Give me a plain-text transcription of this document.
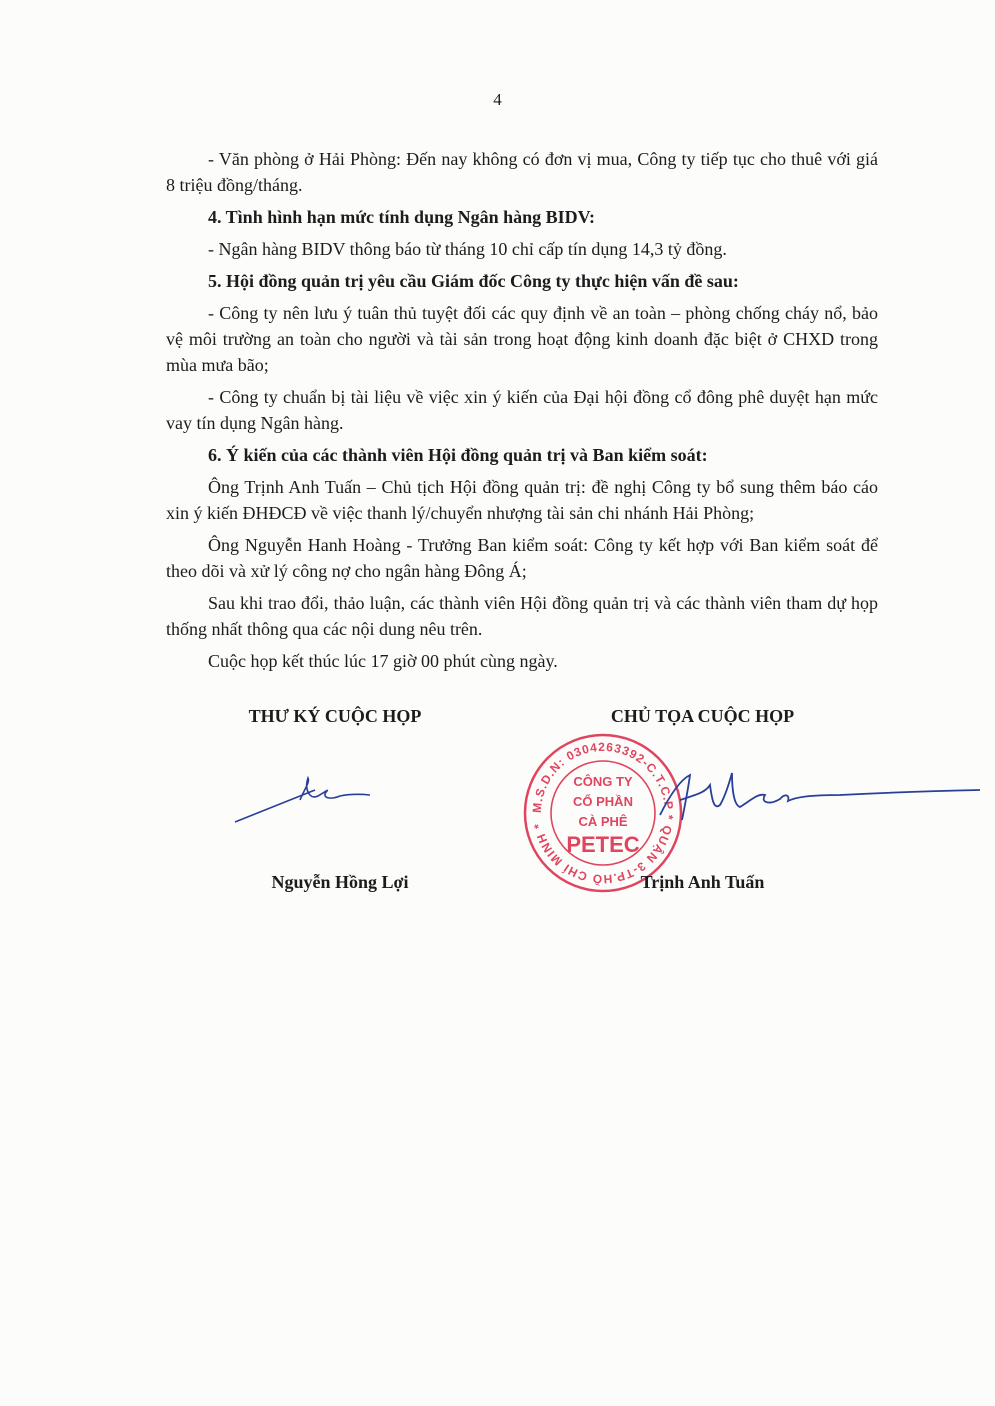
4

- Văn phòng ở Hải Phòng: Đến nay không có đơn vị mua, Công ty tiếp tục cho thuê với giá 8 triệu đồng/tháng.

4. Tình hình hạn mức tính dụng Ngân hàng BIDV:

- Ngân hàng BIDV thông báo từ tháng 10 chỉ cấp tín dụng 14,3 tỷ đồng.

5. Hội đồng quản trị yêu cầu Giám đốc Công ty thực hiện vấn đề sau:

- Công ty nên lưu ý tuân thủ tuyệt đối các quy định về an toàn – phòng chống cháy nổ, bảo vệ môi trường an toàn cho người và tài sản trong hoạt động kinh doanh đặc biệt ở CHXD trong mùa mưa bão;

- Công ty chuẩn bị tài liệu về việc xin ý kiến của Đại hội đồng cổ đông phê duyệt hạn mức vay tín dụng Ngân hàng.

6. Ý kiến của các thành viên Hội đồng quản trị và Ban kiểm soát:

Ông Trịnh Anh Tuấn – Chủ tịch Hội đồng quản trị: đề nghị Công ty bổ sung thêm báo cáo xin ý kiến ĐHĐCĐ về việc thanh lý/chuyển nhượng tài sản chi nhánh Hải Phòng;

Ông Nguyễn Hanh Hoàng - Trưởng Ban kiểm soát: Công ty kết hợp với Ban kiểm soát để theo dõi và xử lý công nợ cho ngân hàng Đông Á;

Sau khi trao đổi, thảo luận, các thành viên Hội đồng quản trị và các thành viên tham dự họp thống nhất thông qua các nội dung nêu trên.

Cuộc họp kết thúc lúc 17 giờ 00 phút cùng ngày.

THƯ KÝ CUỘC HỌP	CHỦ TỌA CUỘC HỌP
M.S.D.N: 0304263392-C.T.C.P * QUẬN 3-TP.HỒ CHÍ MINH *
CÔNG TY
CỔ PHẦN
CÀ PHÊ
PETEC
Nguyễn Hồng Lợi	Trịnh Anh Tuấn
